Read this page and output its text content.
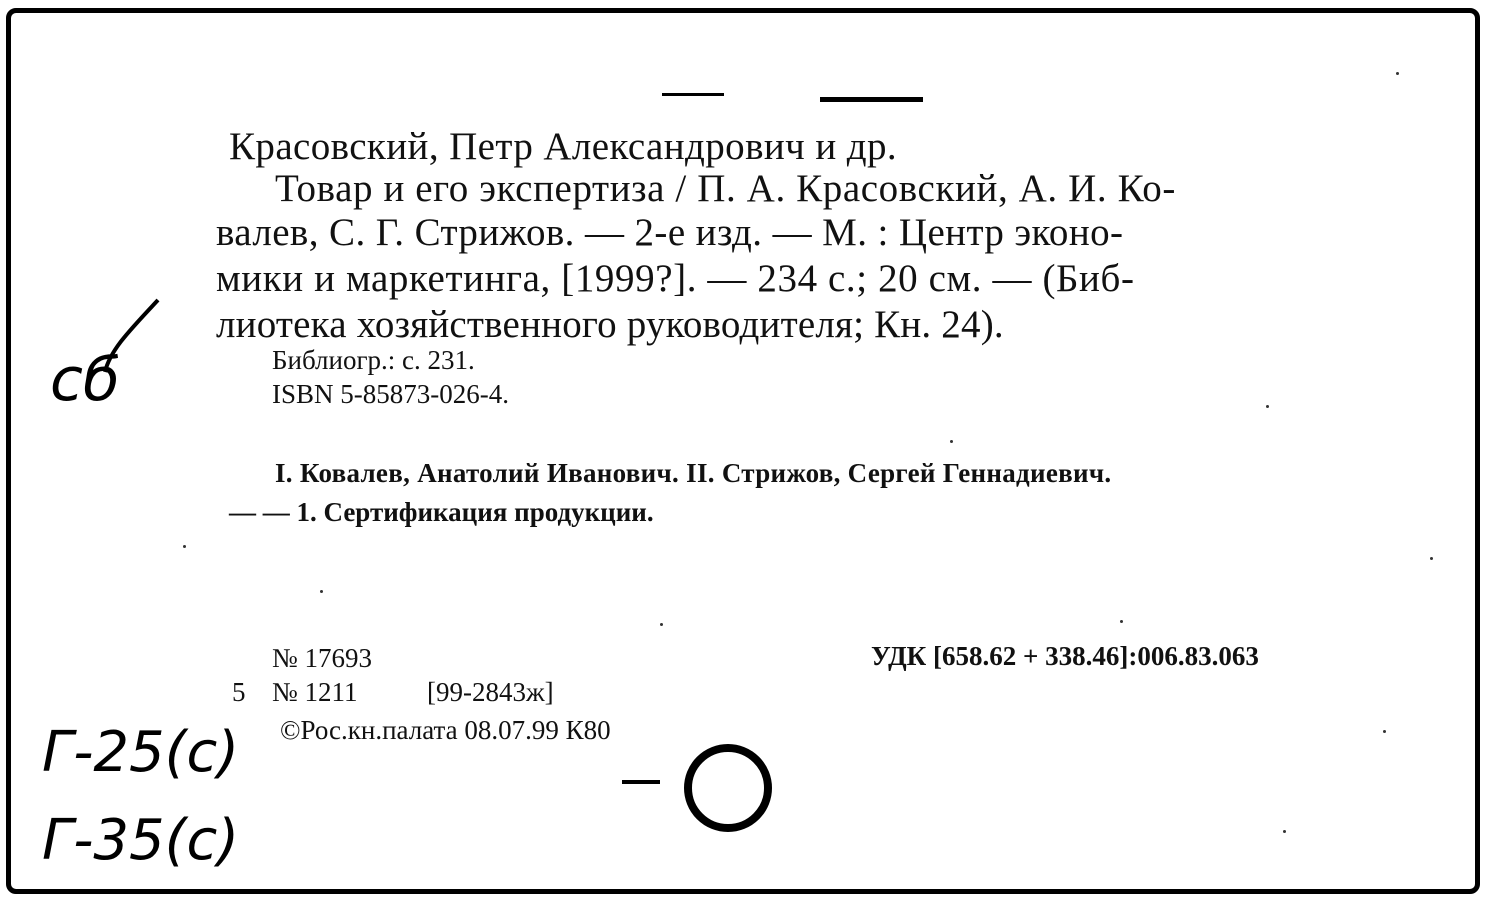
Красовский, Петр Александрович и др.
Товар и его экспертиза / П. А. Красовский, А. И. Ко-
валев, С. Г. Стрижов. — 2-е изд. — М. : Центр эконо-
мики и маркетинга, [1999?]. — 234 с.; 20 см. — (Биб-
лиотека хозяйственного руководителя; Кн. 24).
Библиогр.: с. 231.
ISBN 5-85873-026-4.
I. Ковалев, Анатолий Иванович. II. Стрижов, Сергей Геннадиевич.
— — 1. Сертификация продукции.
№ 17693	УДК [658.62 + 338.46]:006.83.063
5 № 1211	[99-2843ж]
©Рос.кн.палата 08.07.99 К80
сб
Г-25(с)
Г-35(с)
